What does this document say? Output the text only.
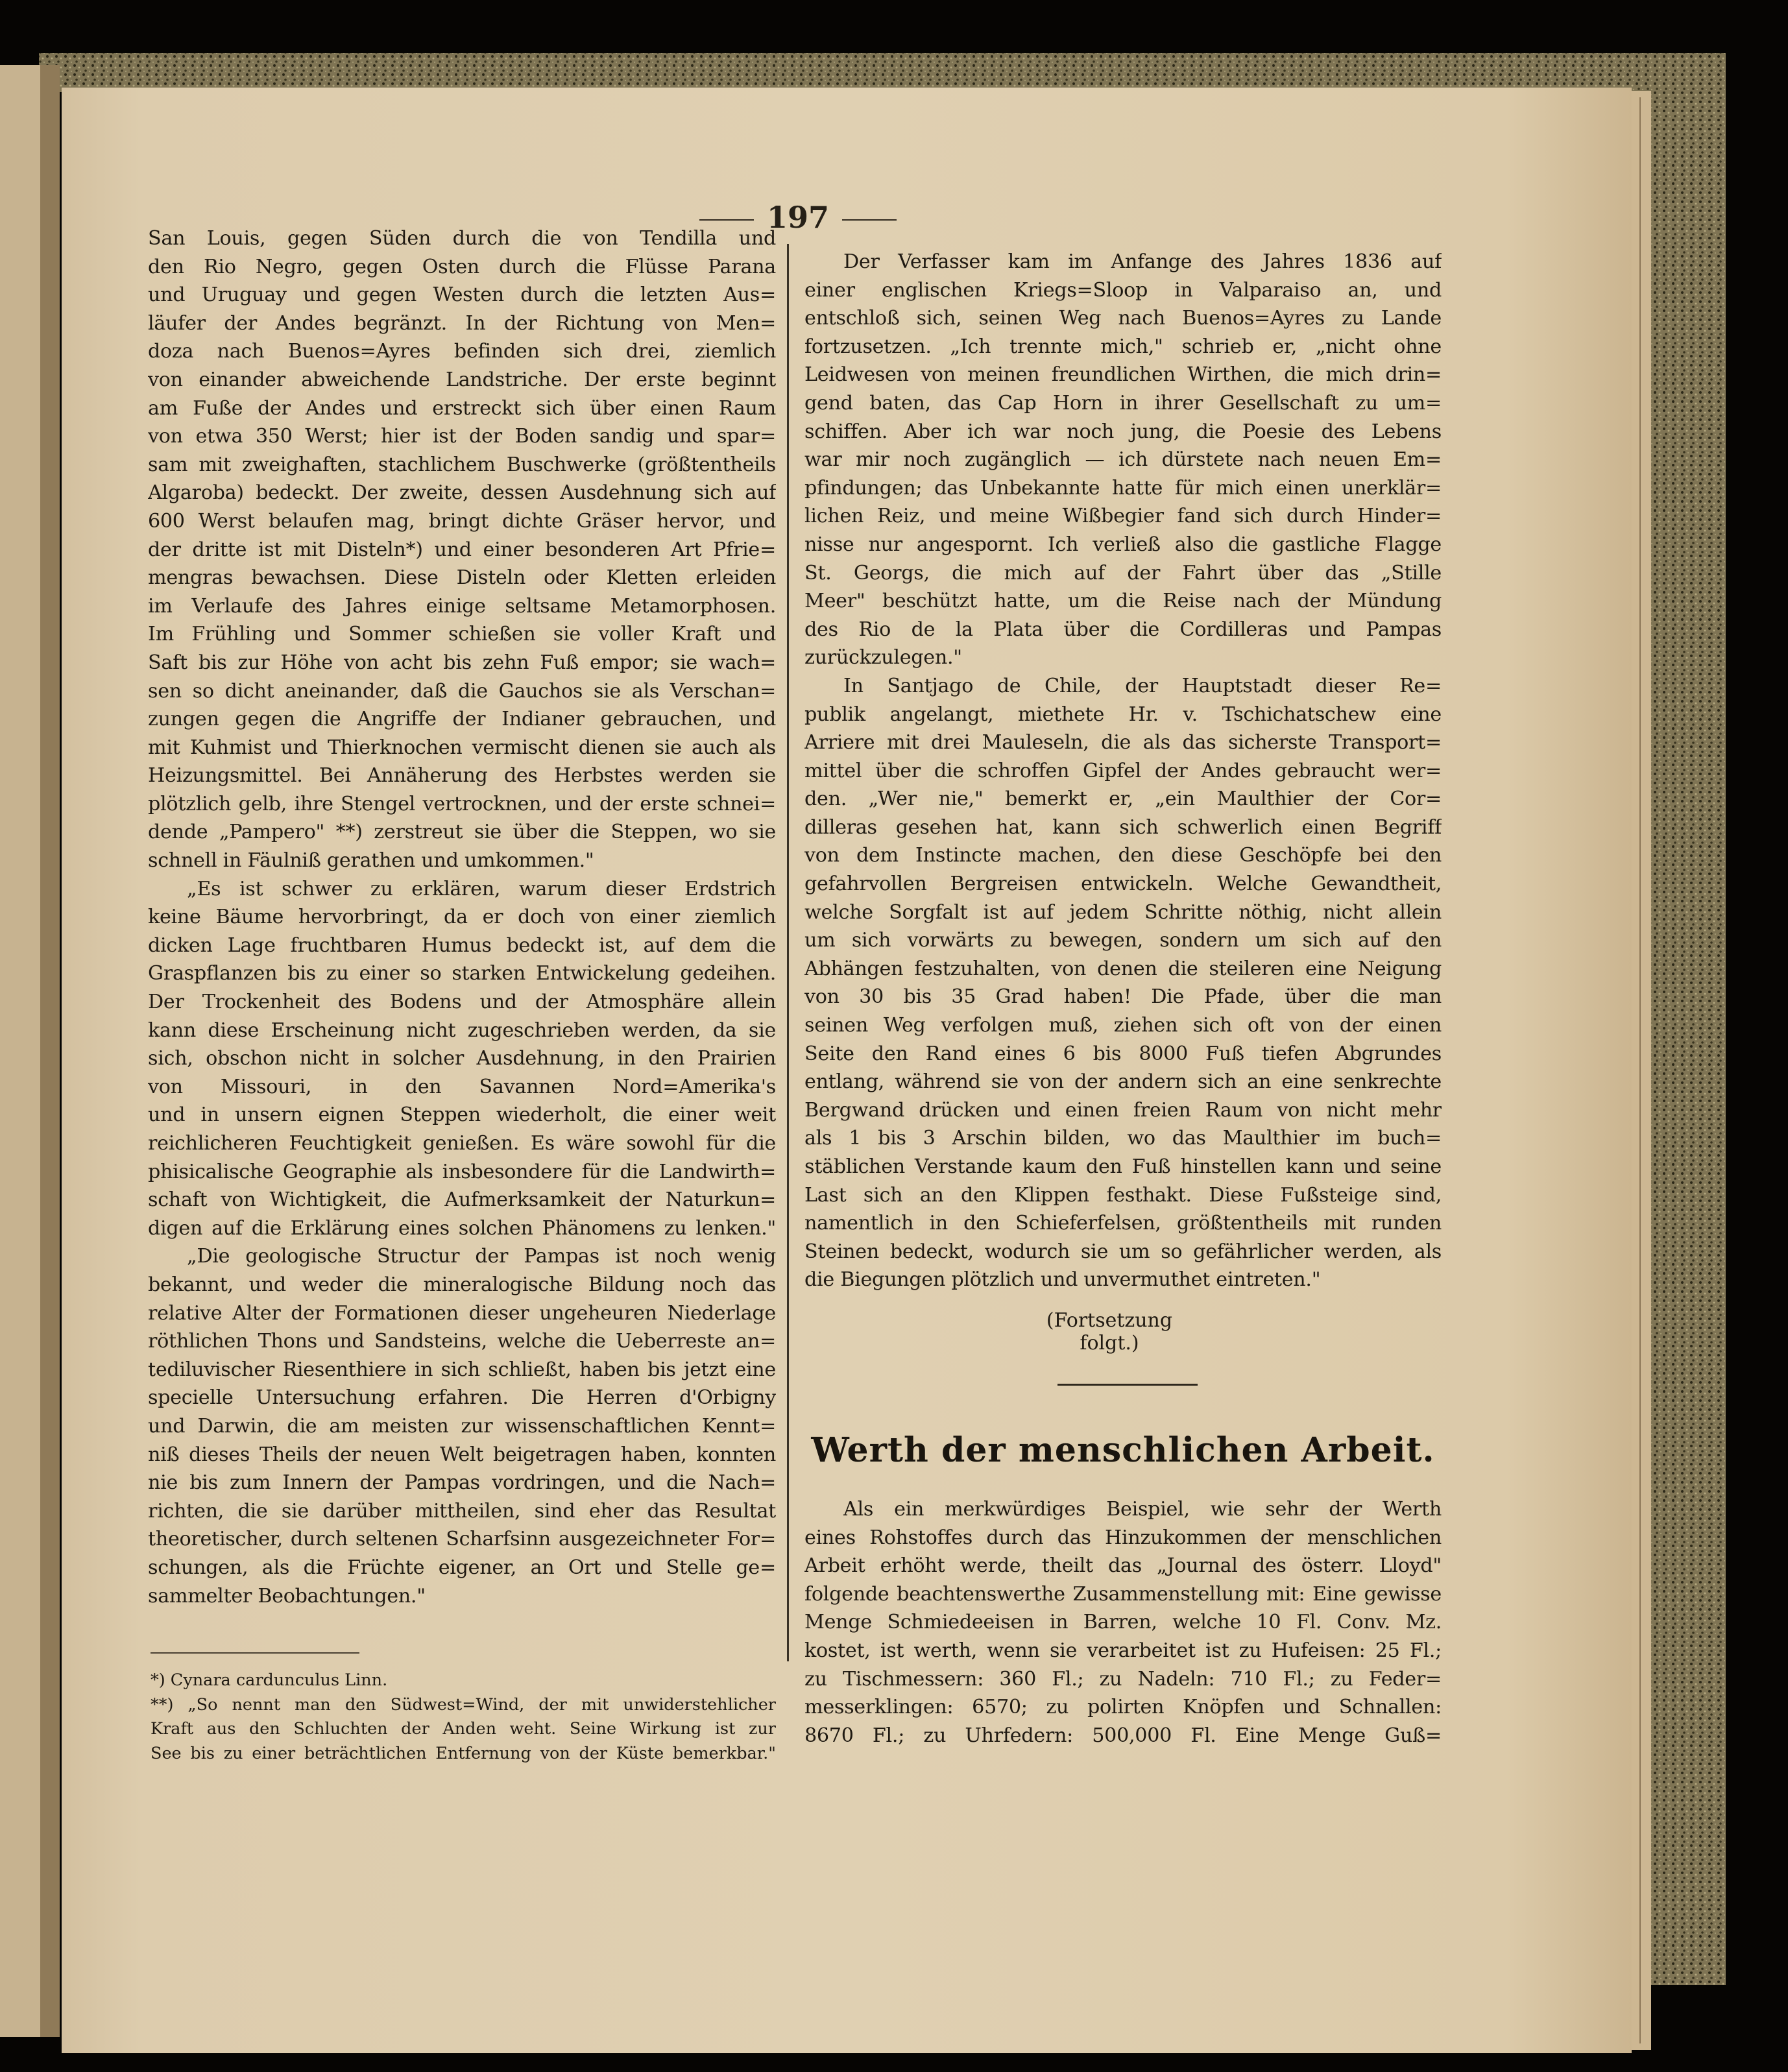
197
San Louis, gegen Süden durch die von Tendilla und
den Rio Negro, gegen Osten durch die Flüsse Parana
und Uruguay und gegen Westen durch die letzten Aus=
läufer der Andes begränzt. In der Richtung von Men=
doza nach Buenos=Ayres befinden sich drei, ziemlich
von einander abweichende Landstriche. Der erste beginnt
am Fuße der Andes und erstreckt sich über einen Raum
von etwa 350 Werst; hier ist der Boden sandig und spar=
sam mit zweighaften, stachlichem Buschwerke (größtentheils
Algaroba) bedeckt. Der zweite, dessen Ausdehnung sich auf
600 Werst belaufen mag, bringt dichte Gräser hervor, und
der dritte ist mit Disteln*) und einer besonderen Art Pfrie=
mengras bewachsen. Diese Disteln oder Kletten erleiden
im Verlaufe des Jahres einige seltsame Metamorphosen.
Im Frühling und Sommer schießen sie voller Kraft und
Saft bis zur Höhe von acht bis zehn Fuß empor; sie wach=
sen so dicht aneinander, daß die Gauchos sie als Verschan=
zungen gegen die Angriffe der Indianer gebrauchen, und
mit Kuhmist und Thierknochen vermischt dienen sie auch als
Heizungsmittel. Bei Annäherung des Herbstes werden sie
plötzlich gelb, ihre Stengel vertrocknen, und der erste schnei=
dende „Pampero" **) zerstreut sie über die Steppen, wo sie
schnell in Fäulniß gerathen und umkommen."
„Es ist schwer zu erklären, warum dieser Erdstrich
keine Bäume hervorbringt, da er doch von einer ziemlich
dicken Lage fruchtbaren Humus bedeckt ist, auf dem die
Graspflanzen bis zu einer so starken Entwickelung gedeihen.
Der Trockenheit des Bodens und der Atmosphäre allein
kann diese Erscheinung nicht zugeschrieben werden, da sie
sich, obschon nicht in solcher Ausdehnung, in den Prairien
von Missouri, in den Savannen Nord=Amerika's
und in unsern eignen Steppen wiederholt, die einer weit
reichlicheren Feuchtigkeit genießen. Es wäre sowohl für die
phisicalische Geographie als insbesondere für die Landwirth=
schaft von Wichtigkeit, die Aufmerksamkeit der Naturkun=
digen auf die Erklärung eines solchen Phänomens zu lenken."
„Die geologische Structur der Pampas ist noch wenig
bekannt, und weder die mineralogische Bildung noch das
relative Alter der Formationen dieser ungeheuren Niederlage
röthlichen Thons und Sandsteins, welche die Ueberreste an=
tediluvischer Riesenthiere in sich schließt, haben bis jetzt eine
specielle Untersuchung erfahren. Die Herren d'Orbigny
und Darwin, die am meisten zur wissenschaftlichen Kennt=
niß dieses Theils der neuen Welt beigetragen haben, konnten
nie bis zum Innern der Pampas vordringen, und die Nach=
richten, die sie darüber mittheilen, sind eher das Resultat
theoretischer, durch seltenen Scharfsinn ausgezeichneter For=
schungen, als die Früchte eigener, an Ort und Stelle ge=
sammelter Beobachtungen."
*) Cynara cardunculus Linn.
**) „So nennt man den Südwest=Wind, der mit unwiderstehlicher
Kraft aus den Schluchten der Anden weht. Seine Wirkung ist zur
See bis zu einer beträchtlichen Entfernung von der Küste bemerkbar."
Der Verfasser kam im Anfange des Jahres 1836 auf
einer englischen Kriegs=Sloop in Valparaiso an, und
entschloß sich, seinen Weg nach Buenos=Ayres zu Lande
fortzusetzen. „Ich trennte mich," schrieb er, „nicht ohne
Leidwesen von meinen freundlichen Wirthen, die mich drin=
gend baten, das Cap Horn in ihrer Gesellschaft zu um=
schiffen. Aber ich war noch jung, die Poesie des Lebens
war mir noch zugänglich — ich dürstete nach neuen Em=
pfindungen; das Unbekannte hatte für mich einen unerklär=
lichen Reiz, und meine Wißbegier fand sich durch Hinder=
nisse nur angespornt. Ich verließ also die gastliche Flagge
St. Georgs, die mich auf der Fahrt über das „Stille
Meer" beschützt hatte, um die Reise nach der Mündung
des Rio de la Plata über die Cordilleras und Pampas
zurückzulegen."
In Santjago de Chile, der Hauptstadt dieser Re=
publik angelangt, miethete Hr. v. Tschichatschew eine
Arriere mit drei Mauleseln, die als das sicherste Transport=
mittel über die schroffen Gipfel der Andes gebraucht wer=
den. „Wer nie," bemerkt er, „ein Maulthier der Cor=
dilleras gesehen hat, kann sich schwerlich einen Begriff
von dem Instincte machen, den diese Geschöpfe bei den
gefahrvollen Bergreisen entwickeln. Welche Gewandtheit,
welche Sorgfalt ist auf jedem Schritte nöthig, nicht allein
um sich vorwärts zu bewegen, sondern um sich auf den
Abhängen festzuhalten, von denen die steileren eine Neigung
von 30 bis 35 Grad haben! Die Pfade, über die man
seinen Weg verfolgen muß, ziehen sich oft von der einen
Seite den Rand eines 6 bis 8000 Fuß tiefen Abgrundes
entlang, während sie von der andern sich an eine senkrechte
Bergwand drücken und einen freien Raum von nicht mehr
als 1 bis 3 Arschin bilden, wo das Maulthier im buch=
stäblichen Verstande kaum den Fuß hinstellen kann und seine
Last sich an den Klippen festhakt. Diese Fußsteige sind,
namentlich in den Schieferfelsen, größtentheils mit runden
Steinen bedeckt, wodurch sie um so gefährlicher werden, als
die Biegungen plötzlich und unvermuthet eintreten."
(Fortsetzung folgt.)
Werth der menschlichen Arbeit.
Als ein merkwürdiges Beispiel, wie sehr der Werth
eines Rohstoffes durch das Hinzukommen der menschlichen
Arbeit erhöht werde, theilt das „Journal des österr. Lloyd"
folgende beachtenswerthe Zusammenstellung mit: Eine gewisse
Menge Schmiedeeisen in Barren, welche 10 Fl. Conv. Mz.
kostet, ist werth, wenn sie verarbeitet ist zu Hufeisen: 25 Fl.;
zu Tischmessern: 360 Fl.; zu Nadeln: 710 Fl.; zu Feder=
messerklingen: 6570; zu polirten Knöpfen und Schnallen:
8670 Fl.; zu Uhrfedern: 500,000 Fl. Eine Menge Guß=
